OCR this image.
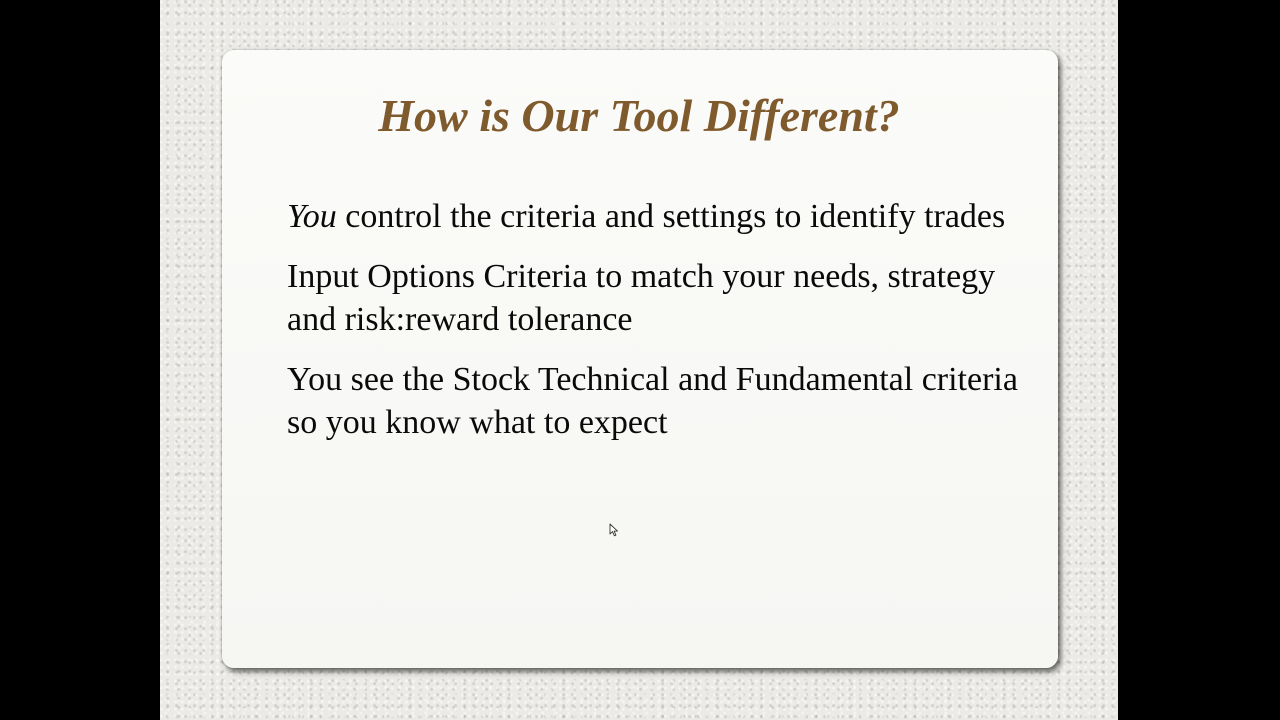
How is Our Tool Different?
You control the criteria and settings to identify trades
Input Options Criteria to match your needs, strategy and risk:reward tolerance
You see the Stock Technical and Fundamental criteria so you know what to expect
